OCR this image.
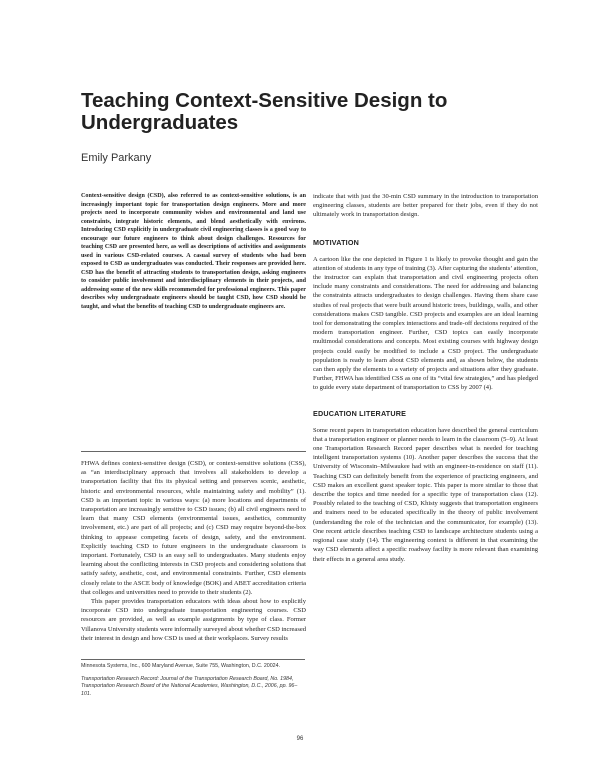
Teaching Context-Sensitive Design to Undergraduates
Emily Parkany

Context-sensitive design (CSD), also referred to as context-sensitive solutions, is an increasingly important topic for transportation design engineers. More and more projects need to incorporate community wishes and environmental and land use constraints, integrate historic elements, and blend aesthetically with environs. Introducing CSD explicitly in undergraduate civil engineering classes is a good way to encourage our future engineers to think about design challenges. Resources for teaching CSD are presented here, as well as descriptions of activities and assignments used in various CSD-related courses. A casual survey of students who had been exposed to CSD as undergraduates was conducted. Their responses are provided here. CSD has the benefit of attracting students to transportation design, asking engineers to consider public involvement and interdisciplinary elements in their projects, and addressing some of the new skills recommended for professional engineers. This paper describes why undergraduate engineers should be taught CSD, how CSD should be taught, and what the benefits of teaching CSD to undergraduate engineers are.

FHWA defines context-sensitive design (CSD), or context-sensitive solutions (CSS), as “an interdisciplinary approach that involves all stakeholders to develop a transportation facility that fits its physical setting and preserves scenic, aesthetic, historic and environmental resources, while maintaining safety and mobility” (1). CSD is an important topic in various ways: (a) more locations and departments of transportation are increasingly sensitive to CSD issues; (b) all civil engineers need to learn that many CSD elements (environmental issues, aesthetics, community involvement, etc.) are part of all projects; and (c) CSD may require beyond-the-box thinking to appease competing facets of design, safety, and the environment. Explicitly teaching CSD to future engineers in the undergraduate classroom is important. Fortunately, CSD is an easy sell to undergraduates. Many students enjoy learning about the conflicting interests in CSD projects and considering solutions that satisfy safety, aesthetic, cost, and environmental constraints. Further, CSD elements closely relate to the ASCE body of knowledge (BOK) and ABET accreditation criteria that colleges and universities need to provide to their students (2).

This paper provides transportation educators with ideas about how to explicitly incorporate CSD into undergraduate transportation engineering courses. CSD resources are provided, as well as example assignments by type of class. Former Villanova University students were informally surveyed about whether CSD increased their interest in design and how CSD is used at their workplaces. Survey results

Minnesota Systems, Inc., 600 Maryland Avenue, Suite 755, Washington, D.C. 20024.

Transportation Research Record: Journal of the Transportation Research Board, No. 1984, Transportation Research Board of the National Academies, Washington, D.C., 2006, pp. 96–101.

indicate that with just the 30-min CSD summary in the introduction to transportation engineering classes, students are better prepared for their jobs, even if they do not ultimately work in transportation design.

MOTIVATION

A cartoon like the one depicted in Figure 1 is likely to provoke thought and gain the attention of students in any type of training (3). After capturing the students’ attention, the instructor can explain that transportation and civil engineering projects often include many constraints and considerations. The need for addressing and balancing the constraints attracts undergraduates to design challenges. Having them share case studies of real projects that were built around historic trees, buildings, walls, and other considerations makes CSD tangible. CSD projects and examples are an ideal learning tool for demonstrating the complex interactions and trade-off decisions required of the modern transportation engineer. Further, CSD topics can easily incorporate multimodal considerations and concepts. Most existing courses with highway design projects could easily be modified to include a CSD project. The undergraduate population is ready to learn about CSD elements and, as shown below, the students can then apply the elements to a variety of projects and situations after they graduate. Further, FHWA has identified CSS as one of its “vital few strategies,” and has pledged to guide every state department of transportation to CSS by 2007 (4).

EDUCATION LITERATURE

Some recent papers in transportation education have described the general curriculum that a transportation engineer or planner needs to learn in the classroom (5–9). At least one Transportation Research Record paper describes what is needed for teaching intelligent transportation systems (10). Another paper describes the success that the University of Wisconsin–Milwaukee had with an engineer-in-residence on staff (11). Teaching CSD can definitely benefit from the experience of practicing engineers, and CSD makes an excellent guest speaker topic. This paper is more similar to those that describe the topics and time needed for a specific type of transportation class (12). Possibly related to the teaching of CSD, Khisty suggests that transportation engineers and trainers need to be educated specifically in the theory of public involvement (understanding the role of the technician and the communicator, for example) (13). One recent article describes teaching CSD to landscape architecture students using a regional case study (14). The engineering context is different in that examining the way CSD elements affect a specific roadway facility is more relevant than examining their effects in a general area study.

96
